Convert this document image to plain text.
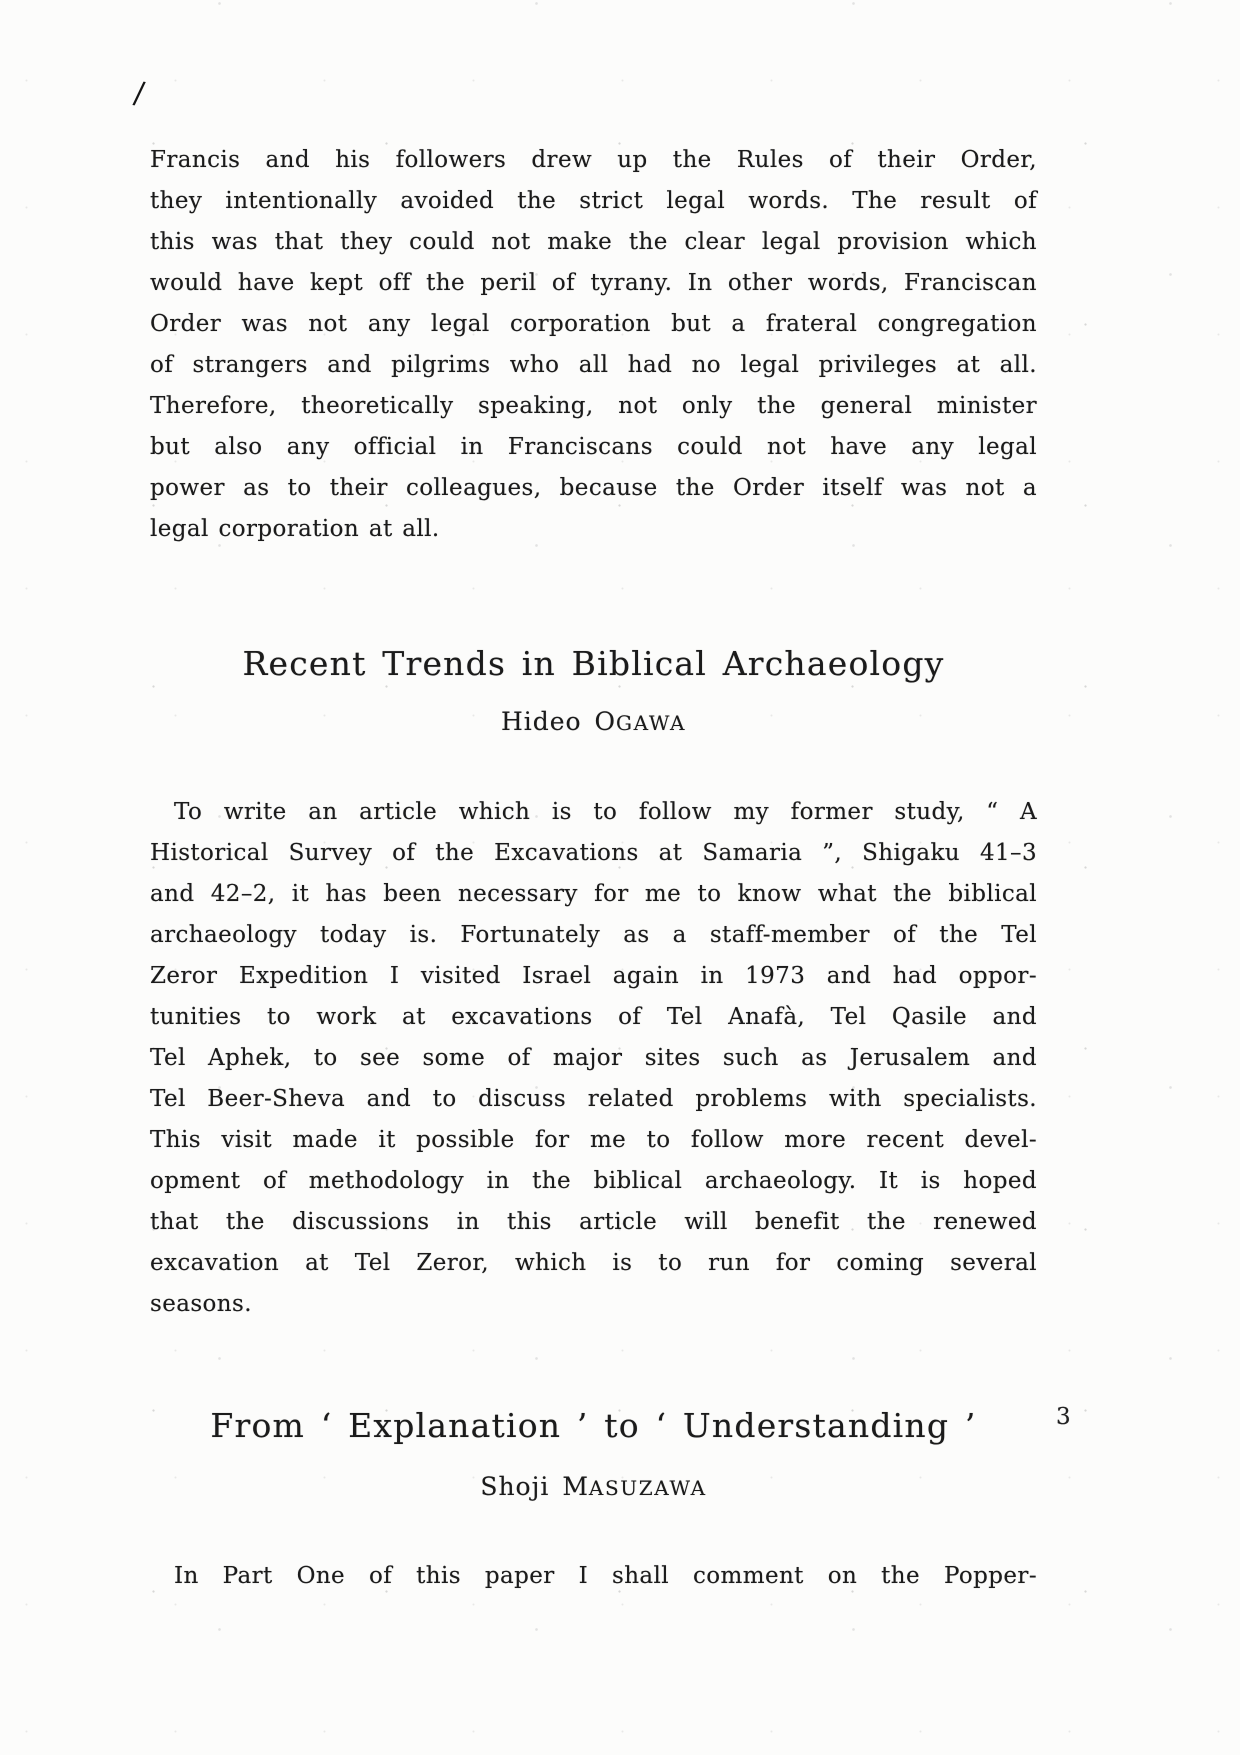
/
Francis and his followers drew up the Rules of their Order,
they intentionally avoided the strict legal words. The result of
this was that they could not make the clear legal provision which
would have kept off the peril of tyrany. In other words, Franciscan
Order was not any legal corporation but a frateral congregation
of strangers and pilgrims who all had no legal privileges at all.
Therefore, theoretically speaking, not only the general minister
but also any official in Franciscans could not have any legal
power as to their colleagues, because the Order itself was not a
legal corporation at all.
Recent Trends in Biblical Archaeology
Hideo OGAWA
To write an article which is to follow my former study, “ A
Historical Survey of the Excavations at Samaria ”, Shigaku 41–3
and 42–2, it has been necessary for me to know what the biblical
archaeology today is. Fortunately as a staff-member of the Tel
Zeror Expedition I visited Israel again in 1973 and had oppor-
tunities to work at excavations of Tel Anafà, Tel Qasile and
Tel Aphek, to see some of major sites such as Jerusalem and
Tel Beer-Sheva and to discuss related problems with specialists.
This visit made it possible for me to follow more recent devel-
opment of methodology in the biblical archaeology. It is hoped
that the discussions in this article will benefit the renewed
excavation at Tel Zeror, which is to run for coming several
seasons.
From ‘ Explanation ’ to ‘ Understanding ’	3
Shoji MASUZAWA
In Part One of this paper I shall comment on the Popper-
